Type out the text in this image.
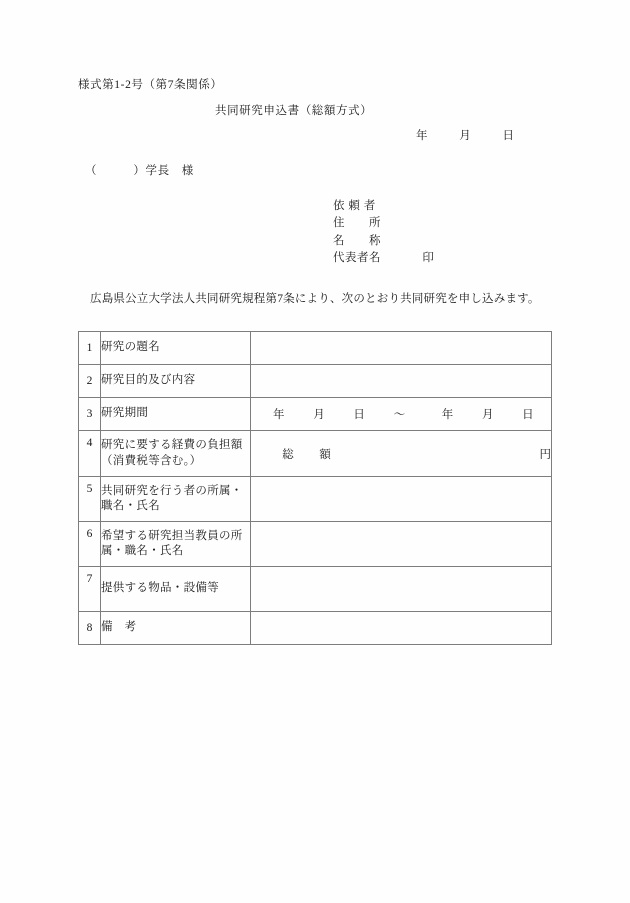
様式第1‐2号（第7条関係）
共同研究申込書（総額方式）
年	月	日
（　　　）学長　様
依 頼 者
住　　所
名　　称
代表者名	印
広島県公立大学法人共同研究規程第7条により、次のとおり共同研究を申し込みます。
1	研究の題名	
2	研究目的及び内容	
3	研究期間	年 月 日 ～	年 月 日

4	研究に要する経費の負担額（消費税等含む。）		総　額	円

5	共同研究を行う者の所属・職名・氏名	
6	希望する研究担当教員の所属・職名・氏名	
7	提供する物品・設備等	
8	備　考	
